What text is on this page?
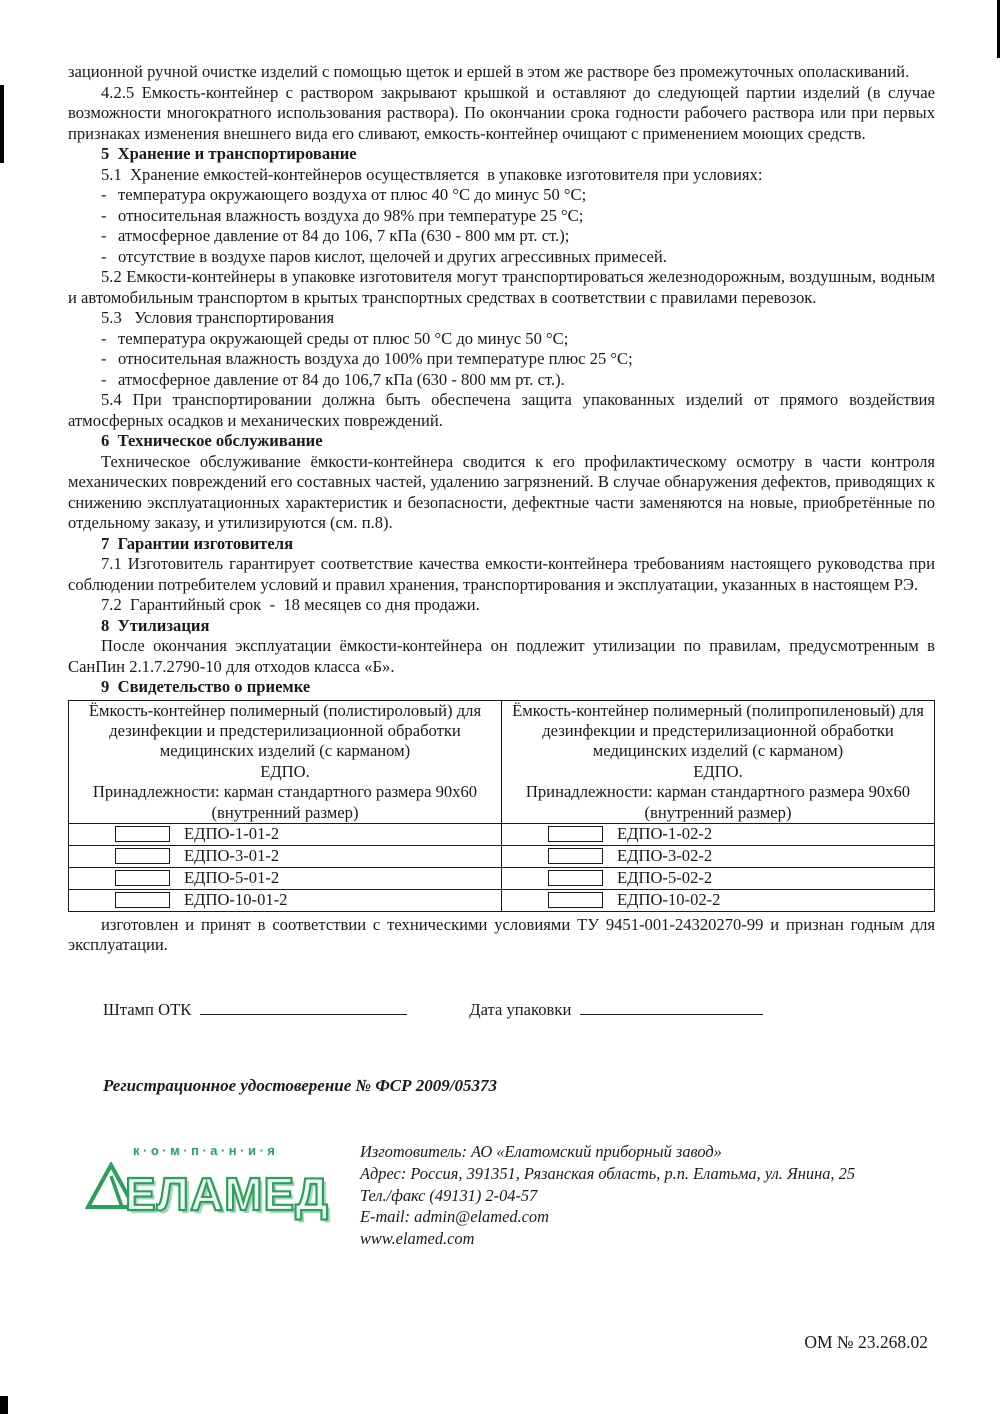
зационной ручной очистке изделий с помощью щеток и ершей в этом же растворе без промежуточных ополаскиваний.

4.2.5 Емкость-контейнер с раствором закрывают крышкой и оставляют до следующей партии изделий (в случае возможности многократного использования раствора). По окончании срока годности рабочего раствора или при первых признаках изменения внешнего вида его сливают, емкость-контейнер очищают с применением моющих средств.

5  Хранение и транспортирование

5.1  Хранение емкостей-контейнеров осуществляется  в упаковке изготовителя при условиях:

- температура окружающего воздуха от плюс 40 °С до минус 50 °С;
- относительная влажность воздуха до 98% при температуре 25 °С;
- атмосферное давление от 84 до 106, 7 кПа (630 - 800 мм рт. ст.);
- отсутствие в воздухе паров кислот, щелочей и других агрессивных примесей.

5.2 Емкости-контейнеры в упаковке изготовителя могут транспортироваться железнодорожным, воздушным, водным и автомобильным транспортом в крытых транспортных средствах в соответствии с правилами перевозок.

5.3   Условия транспортирования

- температура окружающей среды от плюс 50 °С до минус 50 °С;
- относительная влажность воздуха до 100% при температуре плюс 25 °С;
- атмосферное давление от 84 до 106,7 кПа (630 - 800 мм рт. ст.).

5.4 При транспортировании должна быть обеспечена защита упакованных изделий от прямого воздействия атмосферных осадков и механических повреждений.

6  Техническое обслуживание

Техническое обслуживание ёмкости-контейнера сводится к его профилактическому осмотру в части контроля механических повреждений его составных частей, удалению загрязнений. В случае обнаружения дефектов, приводящих к снижению эксплуатационных характеристик и безопасности, дефектные части заменяются на новые, приобретённые по отдельному заказу, и утилизируются (см. п.8).

7  Гарантии изготовителя

7.1 Изготовитель гарантирует соответствие качества емкости-контейнера требованиям настоящего руководства при соблюдении потребителем условий и правил хранения, транспортирования и эксплуатации, указанных в настоящем РЭ.

7.2  Гарантийный срок  -  18 месяцев со дня продажи.

8  Утилизация

После окончания эксплуатации ёмкости-контейнера он подлежит утилизации по правилам, предусмотренным в СанПин 2.1.7.2790-10 для отходов класса «Б».

9  Свидетельство о приемке

Ёмкость-контейнер полимерный (полистироловый) для дезинфекции и предстерилизационной обработки медицинских изделий (с карманом)
ЕДПО.
Принадлежности: карман стандартного размера 90х60 (внутренний размер)

Ёмкость-контейнер полимерный (полипропиленовый) для дезинфекции и предстерилизационной обработки медицинских изделий (с карманом)
ЕДПО.
Принадлежности: карман стандартного размера 90х60 (внутренний размер)

ЕДПО-1-01-2	ЕДПО-1-02-2

ЕДПО-3-01-2	ЕДПО-3-02-2

ЕДПО-5-01-2	ЕДПО-5-02-2

ЕДПО-10-01-2	ЕДПО-10-02-2

изготовлен и принят в соответствии с техническими условиями ТУ 9451-001-24320270-99 и признан годным для эксплуатации.

Штамп ОТК	Дата упаковки

Регистрационное удостоверение № ФСР 2009/05373

к·о·м·п·а·н·и·я
ЕЛАМЕД
Изготовитель: АО «Елатомский приборный завод»
Адрес: Россия, 391351, Рязанская область, р.п. Елатьма, ул. Янина, 25
Тел./факс (49131) 2-04-57
E-mail: admin@elamed.com
www.elamed.com
ОМ № 23.268.02
